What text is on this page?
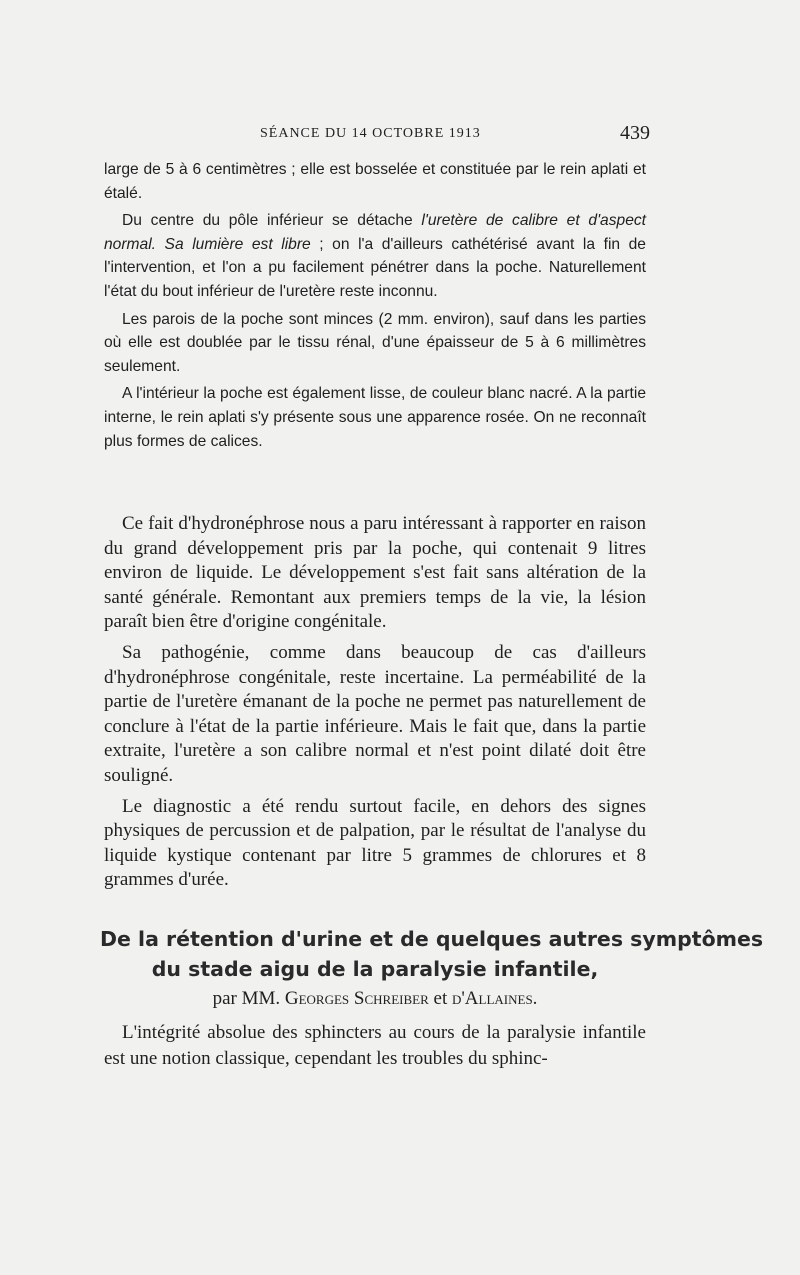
SÉANCE DU 14 OCTOBRE 1913	439

large de 5 à 6 centimètres ; elle est bosselée et constituée par le rein aplati et étalé.

Du centre du pôle inférieur se détache l'uretère de calibre et d'aspect normal. Sa lumière est libre ; on l'a d'ailleurs cathétérisé avant la fin de l'intervention, et l'on a pu facilement pénétrer dans la poche. Naturellement l'état du bout inférieur de l'uretère reste inconnu.

Les parois de la poche sont minces (2 mm. environ), sauf dans les parties où elle est doublée par le tissu rénal, d'une épaisseur de 5 à 6 millimètres seulement.

A l'intérieur la poche est également lisse, de couleur blanc nacré. A la partie interne, le rein aplati s'y présente sous une apparence rosée. On ne reconnaît plus formes de calices.

Ce fait d'hydronéphrose nous a paru intéressant à rapporter en raison du grand développement pris par la poche, qui contenait 9 litres environ de liquide. Le développement s'est fait sans altération de la santé générale. Remontant aux premiers temps de la vie, la lésion paraît bien être d'origine congénitale.

Sa pathogénie, comme dans beaucoup de cas d'ailleurs d'hydronéphrose congénitale, reste incertaine. La perméabilité de la partie de l'uretère émanant de la poche ne permet pas naturellement de conclure à l'état de la partie inférieure. Mais le fait que, dans la partie extraite, l'uretère a son calibre normal et n'est point dilaté doit être souligné.

Le diagnostic a été rendu surtout facile, en dehors des signes physiques de percussion et de palpation, par le résultat de l'analyse du liquide kystique contenant par litre 5 grammes de chlorures et 8 grammes d'urée.

De la rétention d'urine et de quelques autres symptômes
du stade aigu de la paralysie infantile,
par MM. Georges Schreiber et d'Allaines.

L'intégrité absolue des sphincters au cours de la paralysie infantile est une notion classique, cependant les troubles du sphinc-
